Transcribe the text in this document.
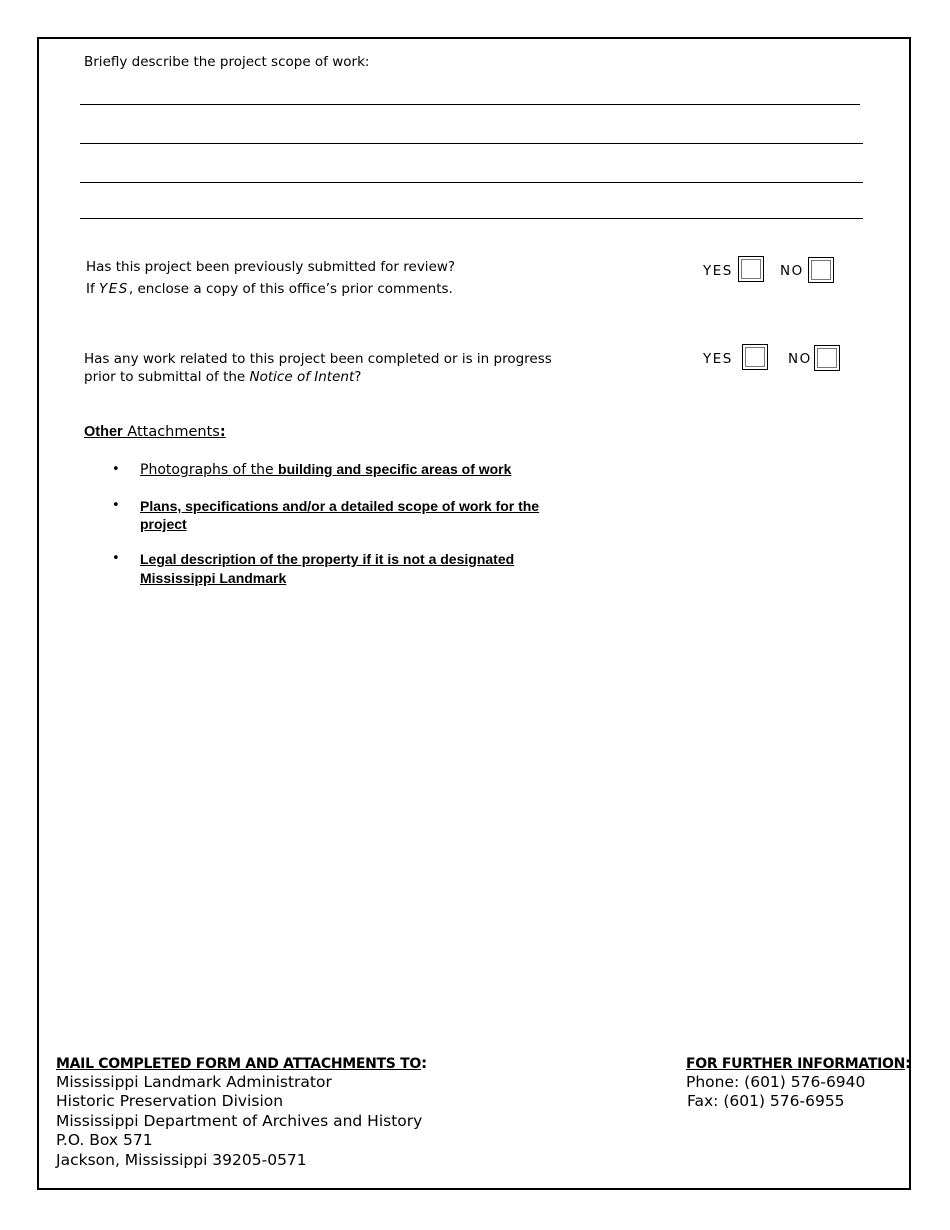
Briefly describe the project scope of work:
Has this project been previously submitted for review?
If YES, enclose a copy of this office’s prior comments.
YES	NO
Has any work related to this project been completed or is in progress
prior to submittal of the Notice of Intent?
YES	NO
Other Attachments:
• Photographs of the building and specific areas of work
• Plans, specifications and/or a detailed scope of work for the
project
• Legal description of the property if it is not a designated
Mississippi Landmark
MAIL COMPLETED FORM AND ATTACHMENTS TO:
Mississippi Landmark Administrator
Historic Preservation Division
Mississippi Department of Archives and History
P.O. Box 571
Jackson, Mississippi 39205-0571
FOR FURTHER INFORMATION:
Phone: (601) 576-6940
Fax: (601) 576-6955
